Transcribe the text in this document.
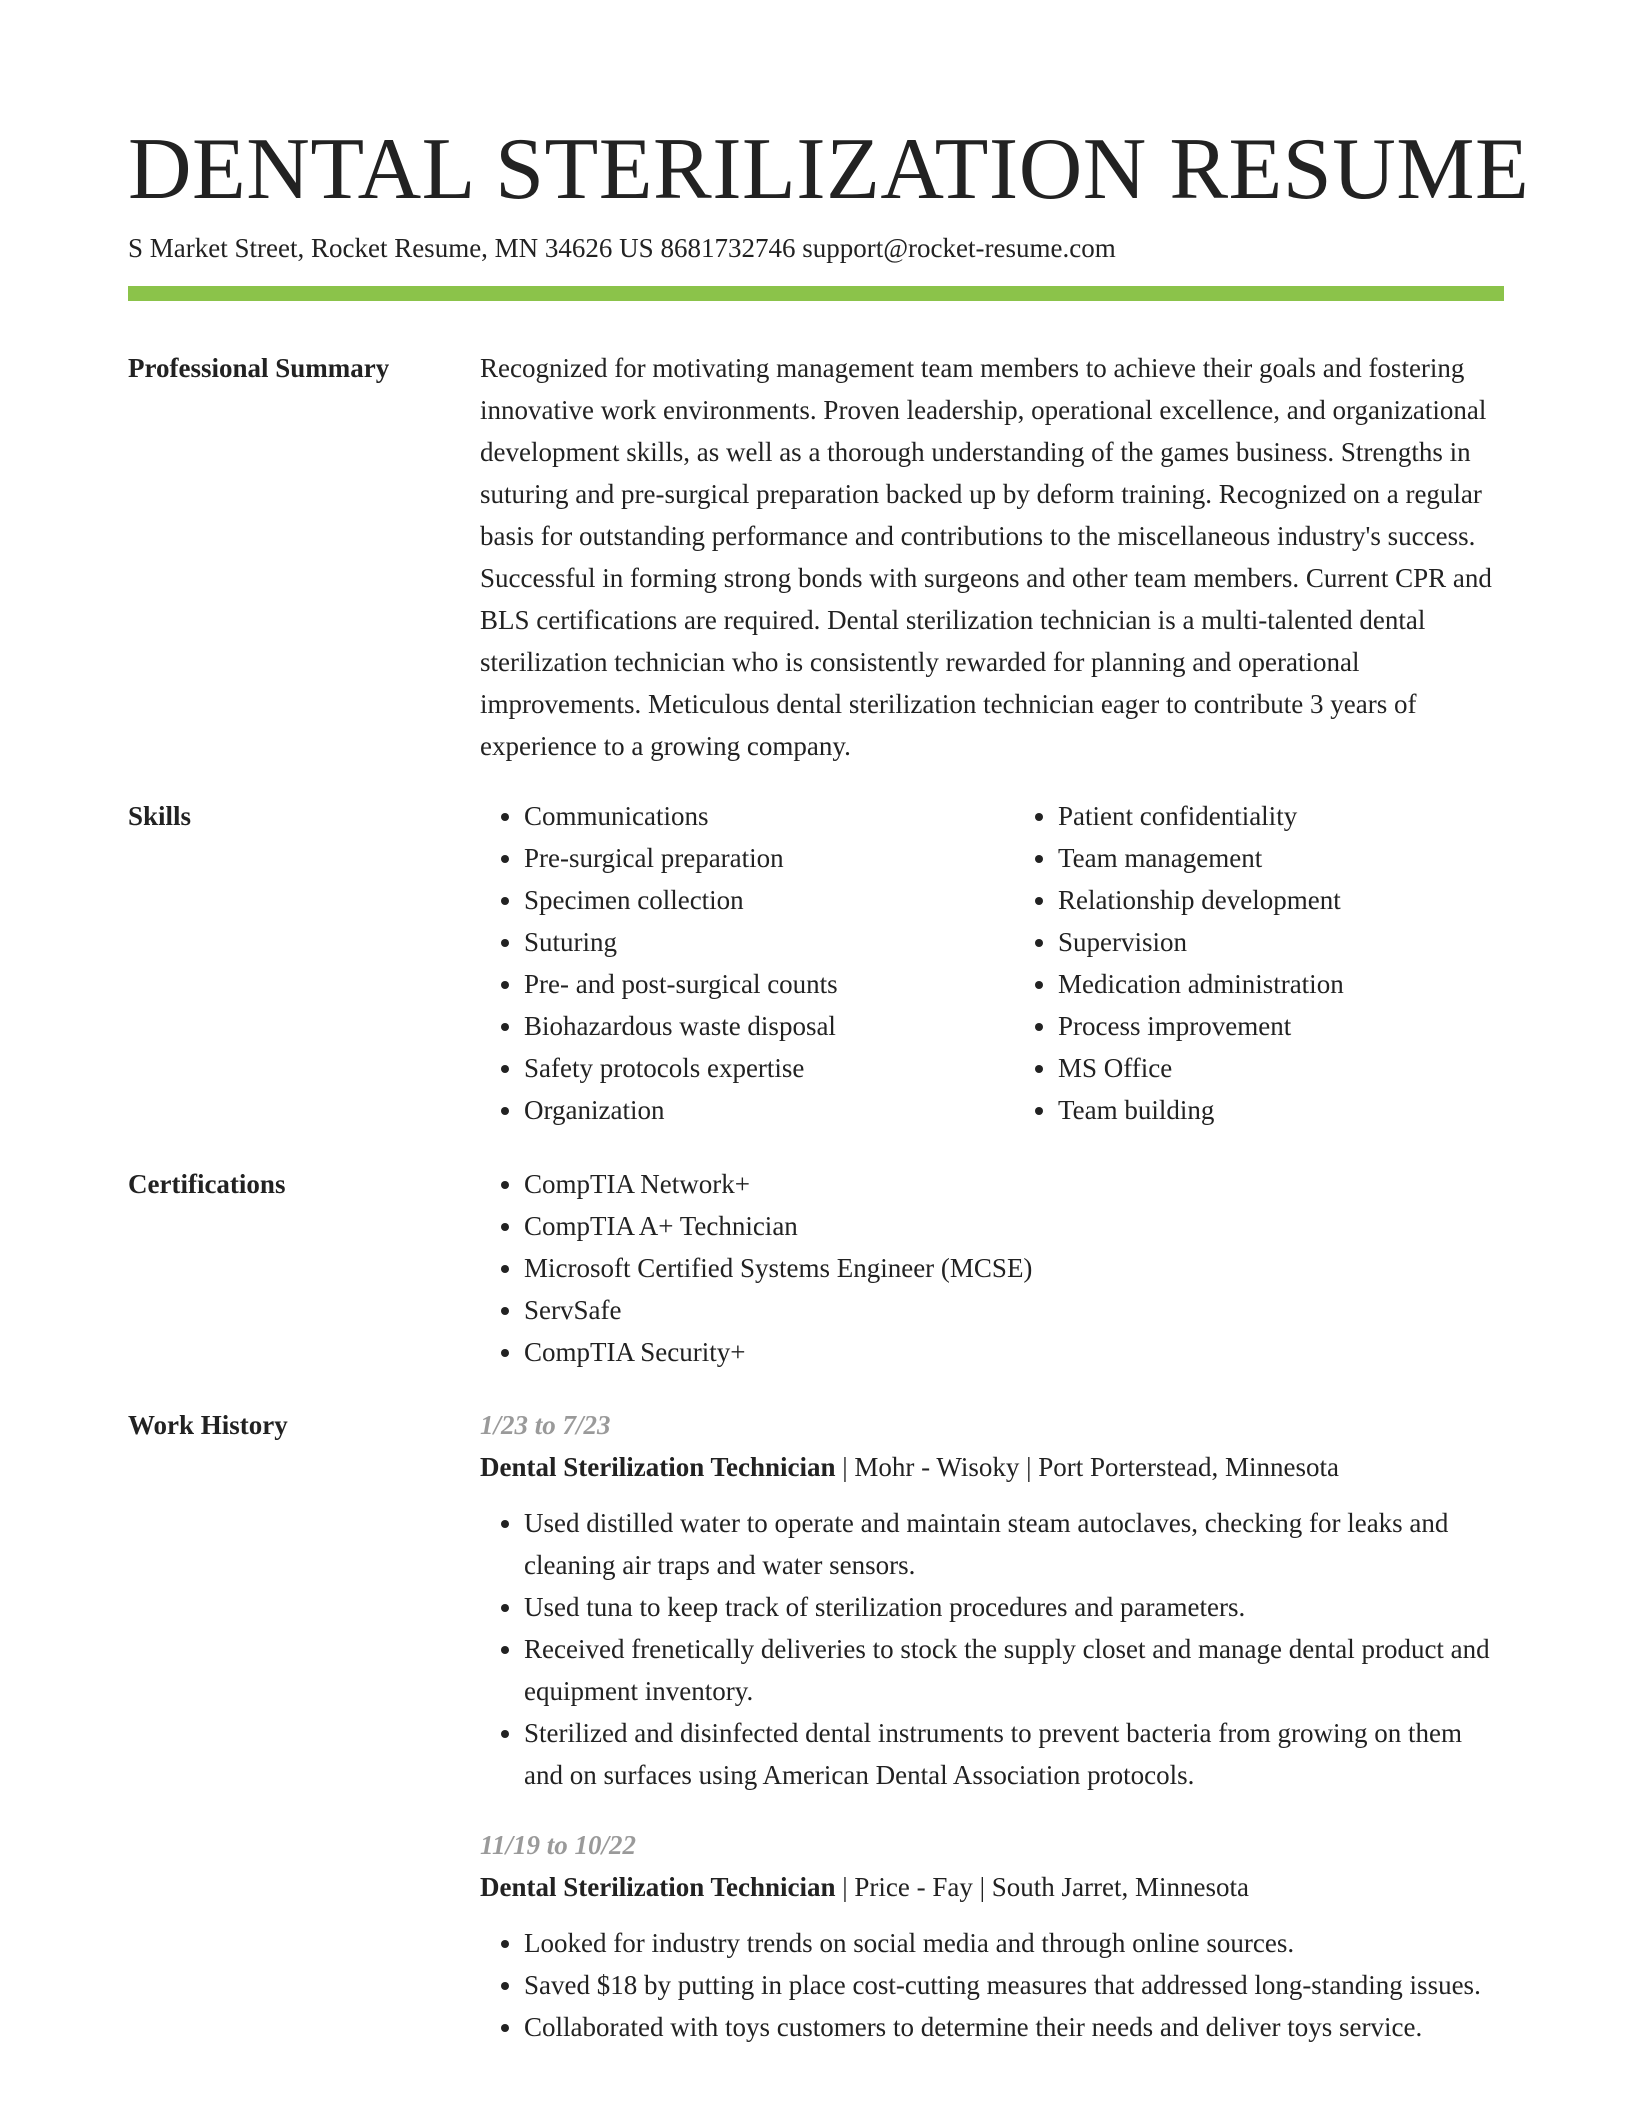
DENTAL STERILIZATION RESUME
S Market Street, Rocket Resume, MN 34626 US 8681732746 support@rocket-resume.com
Professional Summary	Recognized for motivating management team members to achieve their goals and fostering innovative work environments. Proven leadership, operational excellence, and organizational development skills, as well as a thorough understanding of the games business. Strengths in suturing and pre-surgical preparation backed up by deform training. Recognized on a regular basis for outstanding performance and contributions to the miscellaneous industry's success. Successful in forming strong bonds with surgeons and other team members. Current CPR and BLS certifications are required. Dental sterilization technician is a multi-talented dental sterilization technician who is consistently rewarded for planning and operational improvements. Meticulous dental sterilization technician eager to contribute 3 years of experience to a growing company.

Skills	• Communications
• Pre-surgical preparation
• Specimen collection
• Suturing
• Pre- and post-surgical counts
• Biohazardous waste disposal
• Safety protocols expertise
• Organization
• Patient confidentiality
• Team management
• Relationship development
• Supervision
• Medication administration
• Process improvement
• MS Office
• Team building
Certifications	• CompTIA Network+
• CompTIA A+ Technician
• Microsoft Certified Systems Engineer (MCSE)
• ServSafe
• CompTIA Security+
Work History	1/23 to 7/23
Dental Sterilization Technician | Mohr - Wisoky | Port Porterstead, Minnesota
• Used distilled water to operate and maintain steam autoclaves, checking for leaks and cleaning air traps and water sensors.
• Used tuna to keep track of sterilization procedures and parameters.
• Received frenetically deliveries to stock the supply closet and manage dental product and equipment inventory.
• Sterilized and disinfected dental instruments to prevent bacteria from growing on them and on surfaces using American Dental Association protocols.
11/19 to 10/22
Dental Sterilization Technician | Price - Fay | South Jarret, Minnesota
• Looked for industry trends on social media and through online sources.
• Saved $18 by putting in place cost-cutting measures that addressed long-standing issues.
• Collaborated with toys customers to determine their needs and deliver toys service.
